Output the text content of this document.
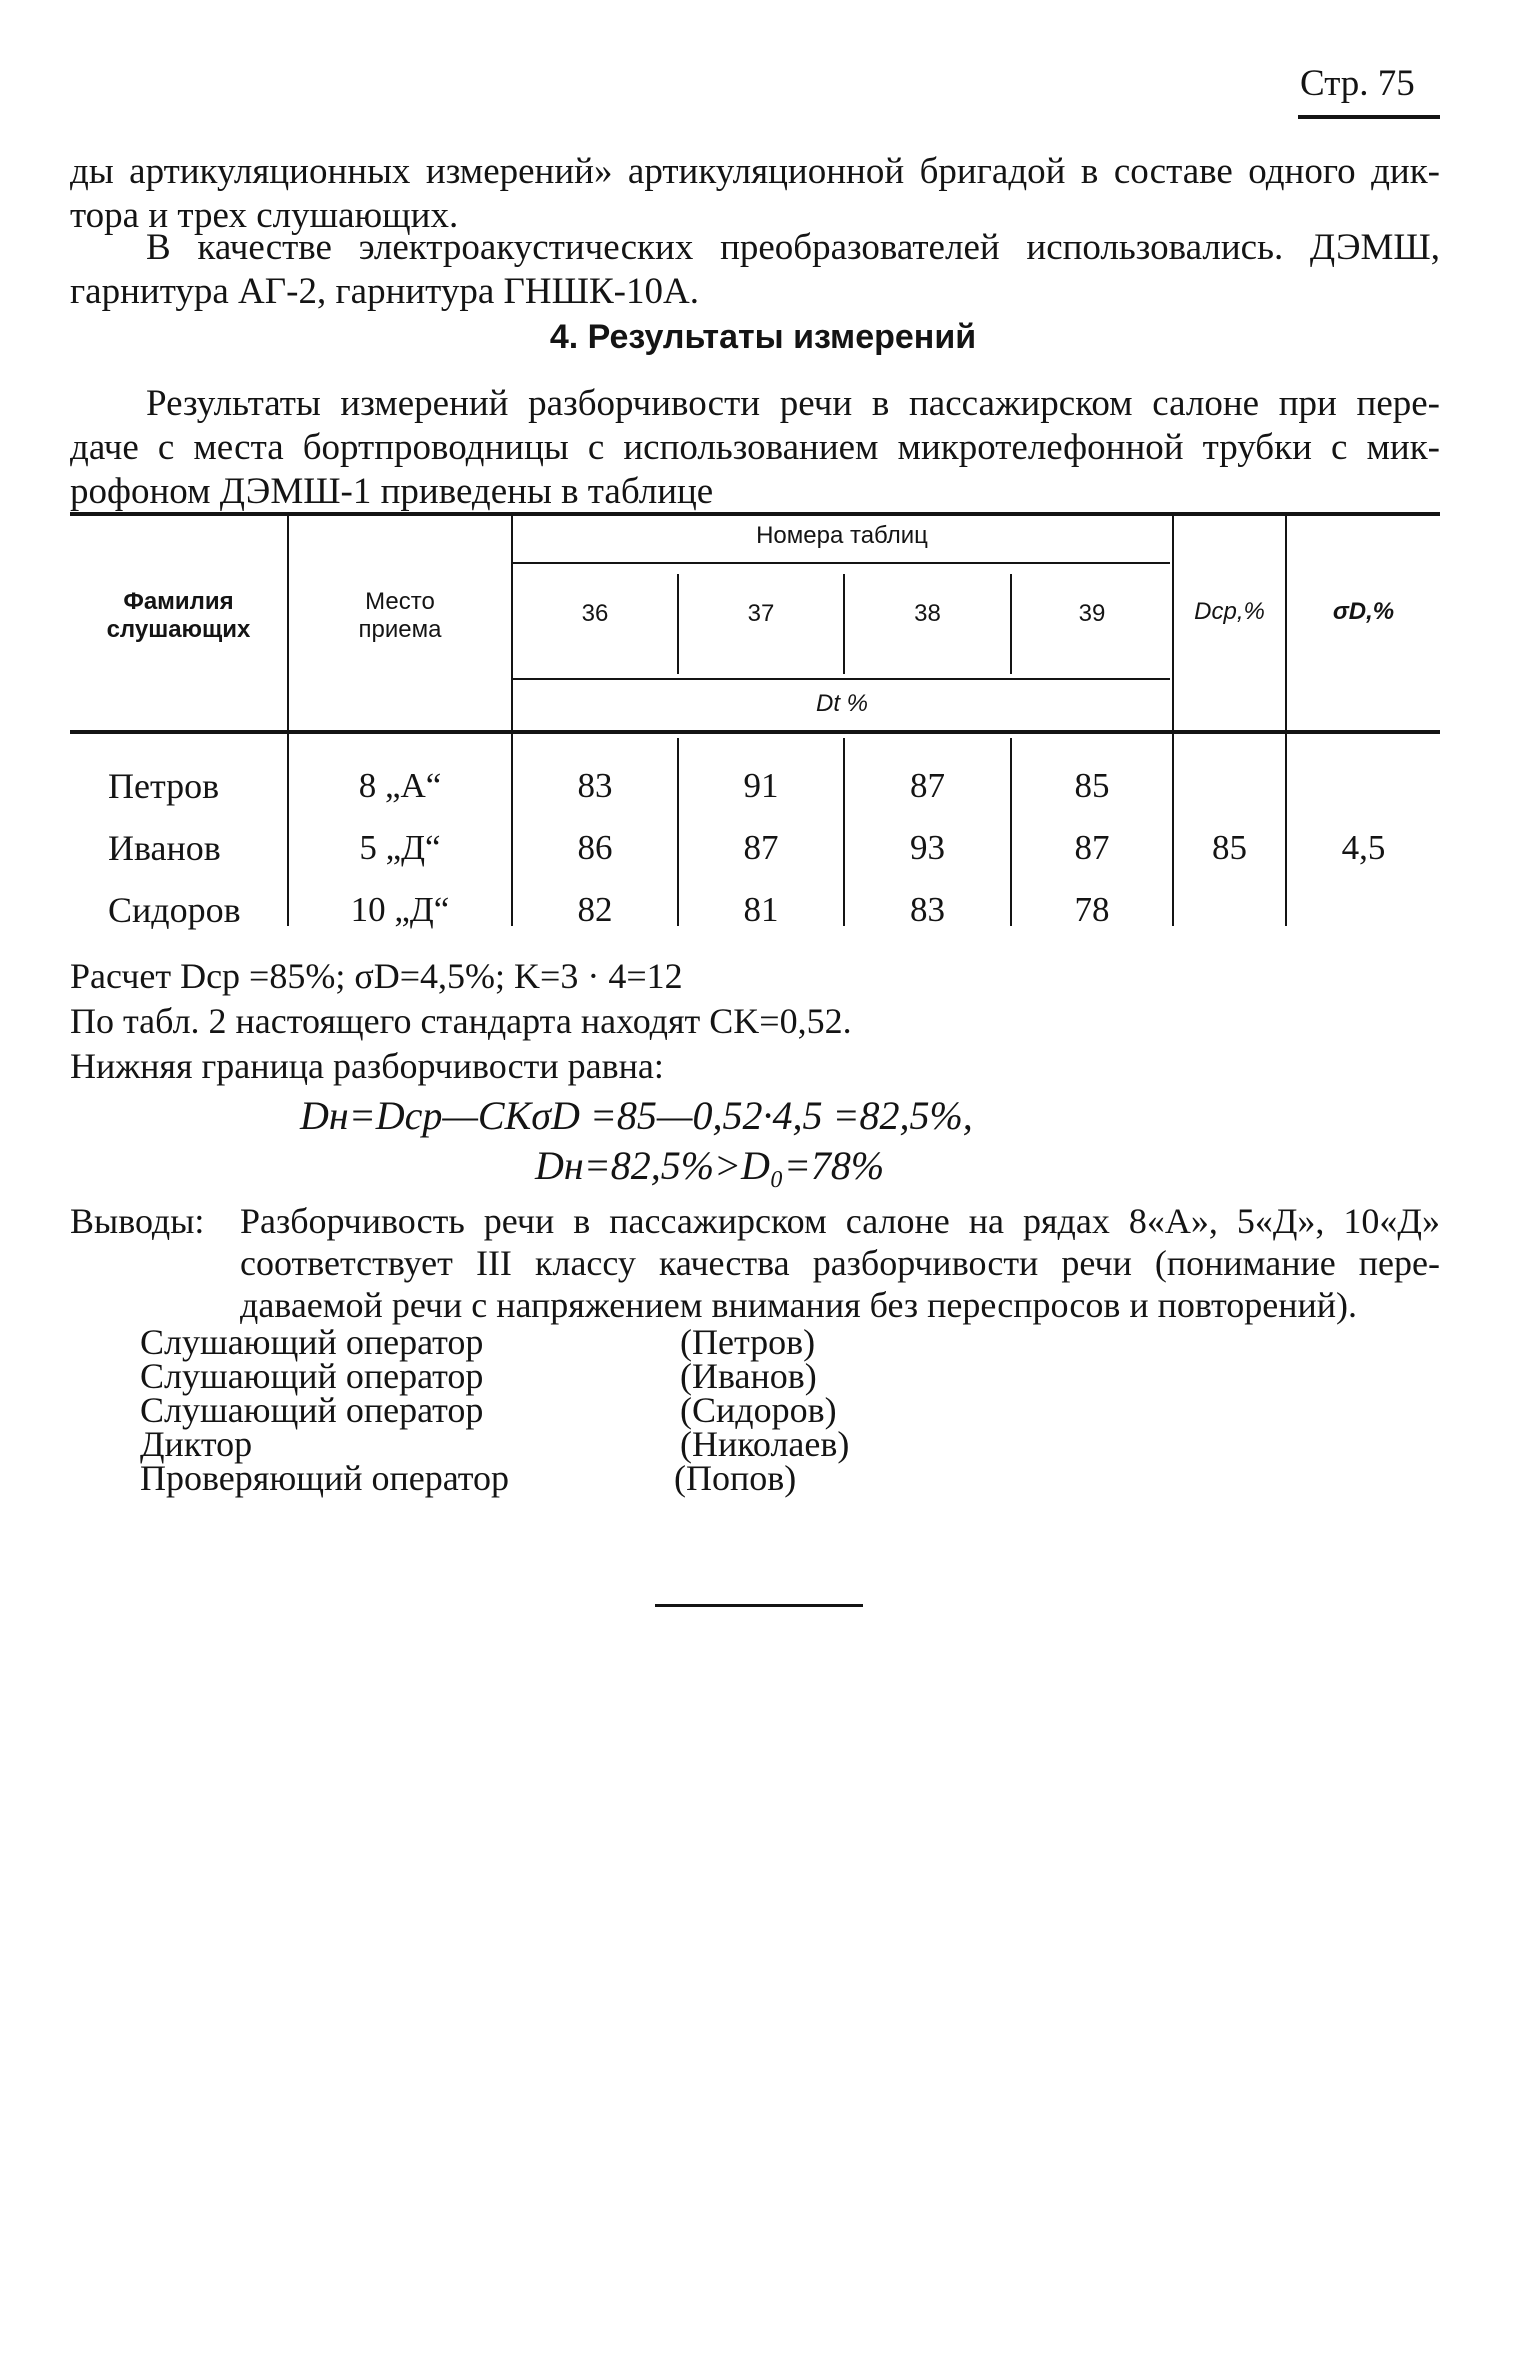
Стр. 75
ды артикуляционных измерений» артикуляционной бригадой в составе одного дик-
тора и трех слушающих.
В качестве электроакустических преобразователей использовались. ДЭМШ,
гарнитура АГ-2, гарнитура ГНШК-10А.
4. Результаты измерений
Результаты измерений разборчивости речи в пассажирском салоне при пере-
даче с места бортпроводницы с использованием микротелефонной трубки с мик-
рофоном ДЭМШ-1 приведены в таблице
Фамилия
слушающих
Место
приема
Номера таблиц
36	37	38	39	Dср,%	σD,%
Dt %
Петров	8 „А“	83	91	87	85
Иванов	5 „Д“	86	87	93	87	85	4,5
Сидоров	10 „Д“	82	81	83	78
Расчет Dср =85%; σD=4,5%; K=3 · 4=12
По табл. 2 настоящего стандарта находят CK=0,52.
Нижняя граница разборчивости равна:
Dн=Dср—CKσD =85—0,52·4,5 =82,5%,
Dн=82,5%>D₀=78%
Выводы: Разборчивость речи в пассажирском салоне на рядах 8«А», 5«Д», 10«Д»
соответствует III классу качества разборчивости речи (понимание пере-
даваемой речи с напряжением внимания без переспросов и повторений).
Слушающий оператор	(Петров)
Слушающий оператор	(Иванов)
Слушающий оператор	(Сидоров)
Диктор	(Николаев)
Проверяющий оператор	(Попов)
